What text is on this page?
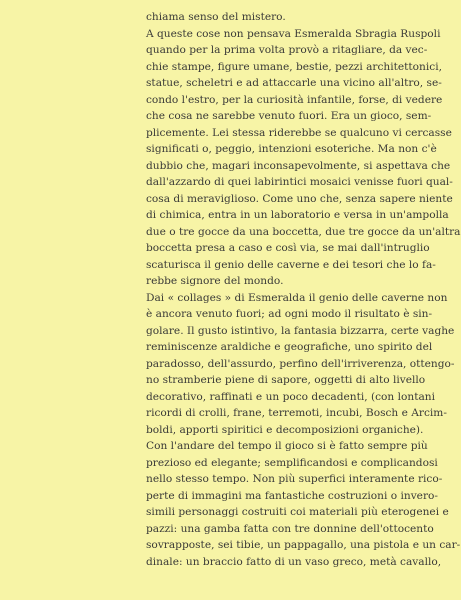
chiama senso del mistero.
A queste cose non pensava Esmeralda Sbragia Ruspoli
quando per la prima volta provò a ritagliare, da vec-
chie stampe, figure umane, bestie, pezzi architettonici,
statue, scheletri e ad attaccarle una vicino all'altro, se-
condo l'estro, per la curiosità infantile, forse, di vedere
che cosa ne sarebbe venuto fuori. Era un gioco, sem-
plicemente. Lei stessa riderebbe se qualcuno vi cercasse
significati o, peggio, intenzioni esoteriche. Ma non c'è
dubbio che, magari inconsapevolmente, si aspettava che
dall'azzardo di quei labirintici mosaici venisse fuori qual-
cosa di meraviglioso. Come uno che, senza sapere niente
di chimica, entra in un laboratorio e versa in un'ampolla
due o tre gocce da una boccetta, due tre gocce da un'altra
boccetta presa a caso e così via, se mai dall'intruglio
scaturisca il genio delle caverne e dei tesori che lo fa-
rebbe signore del mondo.
Dai « collages » di Esmeralda il genio delle caverne non
è ancora venuto fuori; ad ogni modo il risultato è sin-
golare. Il gusto istintivo, la fantasia bizzarra, certe vaghe
reminiscenze araldiche e geografiche, uno spirito del
paradosso, dell'assurdo, perfino dell'irriverenza, ottengo-
no stramberie piene di sapore, oggetti di alto livello
decorativo, raffinati e un poco decadenti, (con lontani
ricordi di crolli, frane, terremoti, incubi, Bosch e Arcim-
boldi, apporti spiritici e decomposizioni organiche).
Con l'andare del tempo il gioco si è fatto sempre più
prezioso ed elegante; semplificandosi e complicandosi
nello stesso tempo. Non più superfici interamente rico-
perte di immagini ma fantastiche costruzioni o invero-
simili personaggi costruiti coi materiali più eterogenei e
pazzi: una gamba fatta con tre donnine dell'ottocento
sovrapposte, sei tibie, un pappagallo, una pistola e un car-
dinale: un braccio fatto di un vaso greco, metà cavallo,
